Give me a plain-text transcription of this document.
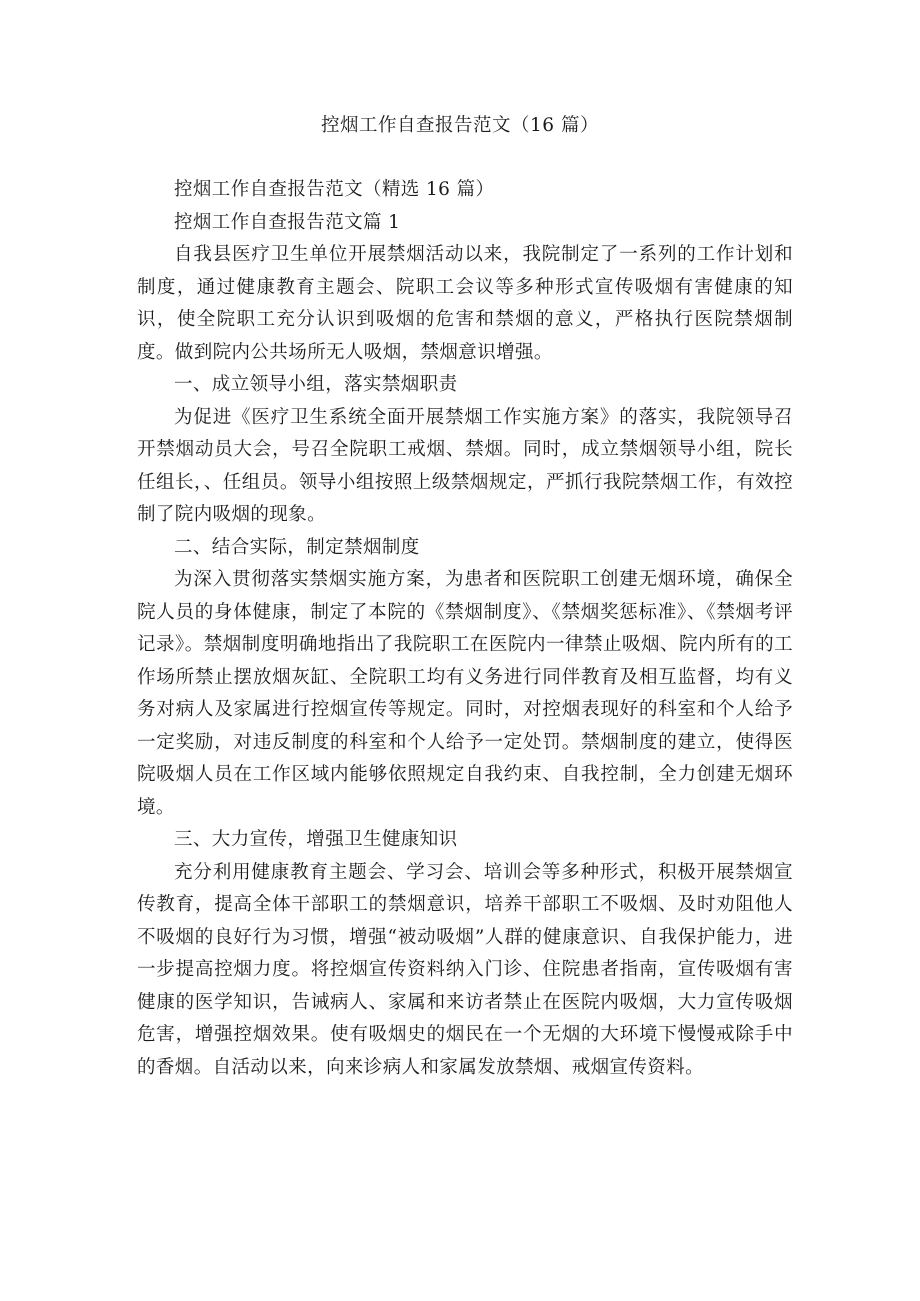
控烟工作自查报告范文（16 篇）

控烟工作自查报告范文（精选 16 篇）

控烟工作自查报告范文篇 1

自我县医疗卫生单位开展禁烟活动以来，我院制定了一系列的工作计划和制度，通过健康教育主题会、院职工会议等多种形式宣传吸烟有害健康的知识，使全院职工充分认识到吸烟的危害和禁烟的意义，严格执行医院禁烟制度。做到院内公共场所无人吸烟，禁烟意识增强。

一、成立领导小组，落实禁烟职责

为促进《医疗卫生系统全面开展禁烟工作实施方案》的落实，我院领导召开禁烟动员大会，号召全院职工戒烟、禁烟。同时，成立禁烟领导小组，院长任组长，、任组员。领导小组按照上级禁烟规定，严抓行我院禁烟工作，有效控制了院内吸烟的现象。

二、结合实际，制定禁烟制度

为深入贯彻落实禁烟实施方案，为患者和医院职工创建无烟环境，确保全院人员的身体健康，制定了本院的《禁烟制度》、《禁烟奖惩标准》、《禁烟考评记录》。禁烟制度明确地指出了我院职工在医院内一律禁止吸烟、院内所有的工作场所禁止摆放烟灰缸、全院职工均有义务进行同伴教育及相互监督，均有义务对病人及家属进行控烟宣传等规定。同时，对控烟表现好的科室和个人给予一定奖励，对违反制度的科室和个人给予一定处罚。禁烟制度的建立，使得医院吸烟人员在工作区域内能够依照规定自我约束、自我控制，全力创建无烟环境。

三、大力宣传，增强卫生健康知识

充分利用健康教育主题会、学习会、培训会等多种形式，积极开展禁烟宣传教育，提高全体干部职工的禁烟意识，培养干部职工不吸烟、及时劝阻他人不吸烟的良好行为习惯，增强“被动吸烟”人群的健康意识、自我保护能力，进一步提高控烟力度。将控烟宣传资料纳入门诊、住院患者指南，宣传吸烟有害健康的医学知识，告诫病人、家属和来访者禁止在医院内吸烟，大力宣传吸烟危害，增强控烟效果。使有吸烟史的烟民在一个无烟的大环境下慢慢戒除手中的香烟。自活动以来，向来诊病人和家属发放禁烟、戒烟宣传资料。
